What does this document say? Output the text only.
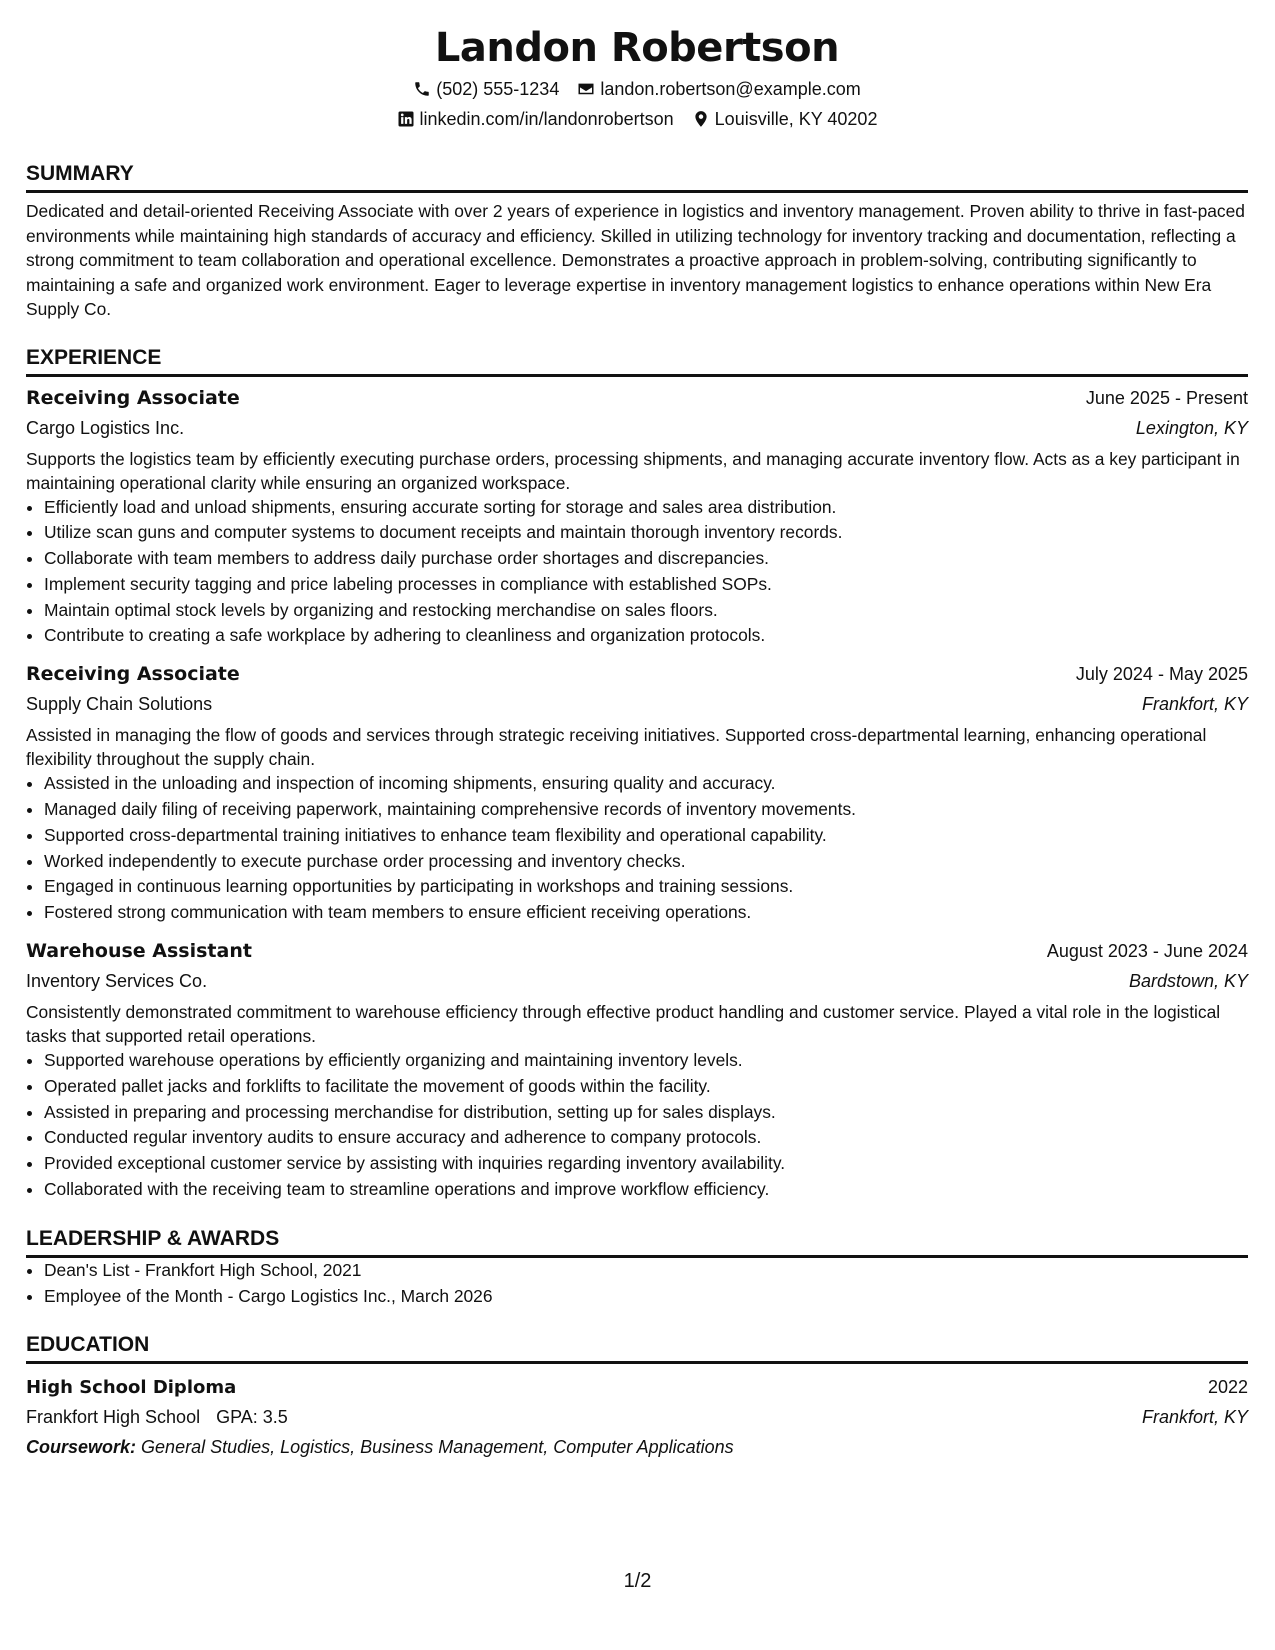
Landon Robertson
(502) 555-1234 landon.robertson@example.com
linkedin.com/in/landonrobertson Louisville, KY 40202
SUMMARY

Dedicated and detail-oriented Receiving Associate with over 2 years of experience in logistics and inventory management. Proven ability to thrive in fast-paced environments while maintaining high standards of accuracy and efficiency. Skilled in utilizing technology for inventory tracking and documentation, reflecting a strong commitment to team collaboration and operational excellence. Demonstrates a proactive approach in problem-solving, contributing significantly to maintaining a safe and organized work environment. Eager to leverage expertise in inventory management logistics to enhance operations within New Era Supply Co.

EXPERIENCE
Receiving Associate	June 2025 - Present
Cargo Logistics Inc.	Lexington, KY

Supports the logistics team by efficiently executing purchase orders, processing shipments, and managing accurate inventory flow. Acts as a key participant in maintaining operational clarity while ensuring an organized workspace.

• Efficiently load and unload shipments, ensuring accurate sorting for storage and sales area distribution.
• Utilize scan guns and computer systems to document receipts and maintain thorough inventory records.
• Collaborate with team members to address daily purchase order shortages and discrepancies.
• Implement security tagging and price labeling processes in compliance with established SOPs.
• Maintain optimal stock levels by organizing and restocking merchandise on sales floors.
• Contribute to creating a safe workplace by adhering to cleanliness and organization protocols.
Receiving Associate	July 2024 - May 2025
Supply Chain Solutions	Frankfort, KY

Assisted in managing the flow of goods and services through strategic receiving initiatives. Supported cross-departmental learning, enhancing operational flexibility throughout the supply chain.

• Assisted in the unloading and inspection of incoming shipments, ensuring quality and accuracy.
• Managed daily filing of receiving paperwork, maintaining comprehensive records of inventory movements.
• Supported cross-departmental training initiatives to enhance team flexibility and operational capability.
• Worked independently to execute purchase order processing and inventory checks.
• Engaged in continuous learning opportunities by participating in workshops and training sessions.
• Fostered strong communication with team members to ensure efficient receiving operations.
Warehouse Assistant	August 2023 - June 2024
Inventory Services Co.	Bardstown, KY

Consistently demonstrated commitment to warehouse efficiency through effective product handling and customer service. Played a vital role in the logistical tasks that supported retail operations.

• Supported warehouse operations by efficiently organizing and maintaining inventory levels.
• Operated pallet jacks and forklifts to facilitate the movement of goods within the facility.
• Assisted in preparing and processing merchandise for distribution, setting up for sales displays.
• Conducted regular inventory audits to ensure accuracy and adherence to company protocols.
• Provided exceptional customer service by assisting with inquiries regarding inventory availability.
• Collaborated with the receiving team to streamline operations and improve workflow efficiency.
LEADERSHIP & AWARDS
• Dean's List - Frankfort High School, 2021
• Employee of the Month - Cargo Logistics Inc., March 2026
EDUCATION
High School Diploma	2022
Frankfort High School GPA: 3.5	Frankfort, KY
Coursework: General Studies, Logistics, Business Management, Computer Applications
1/2
